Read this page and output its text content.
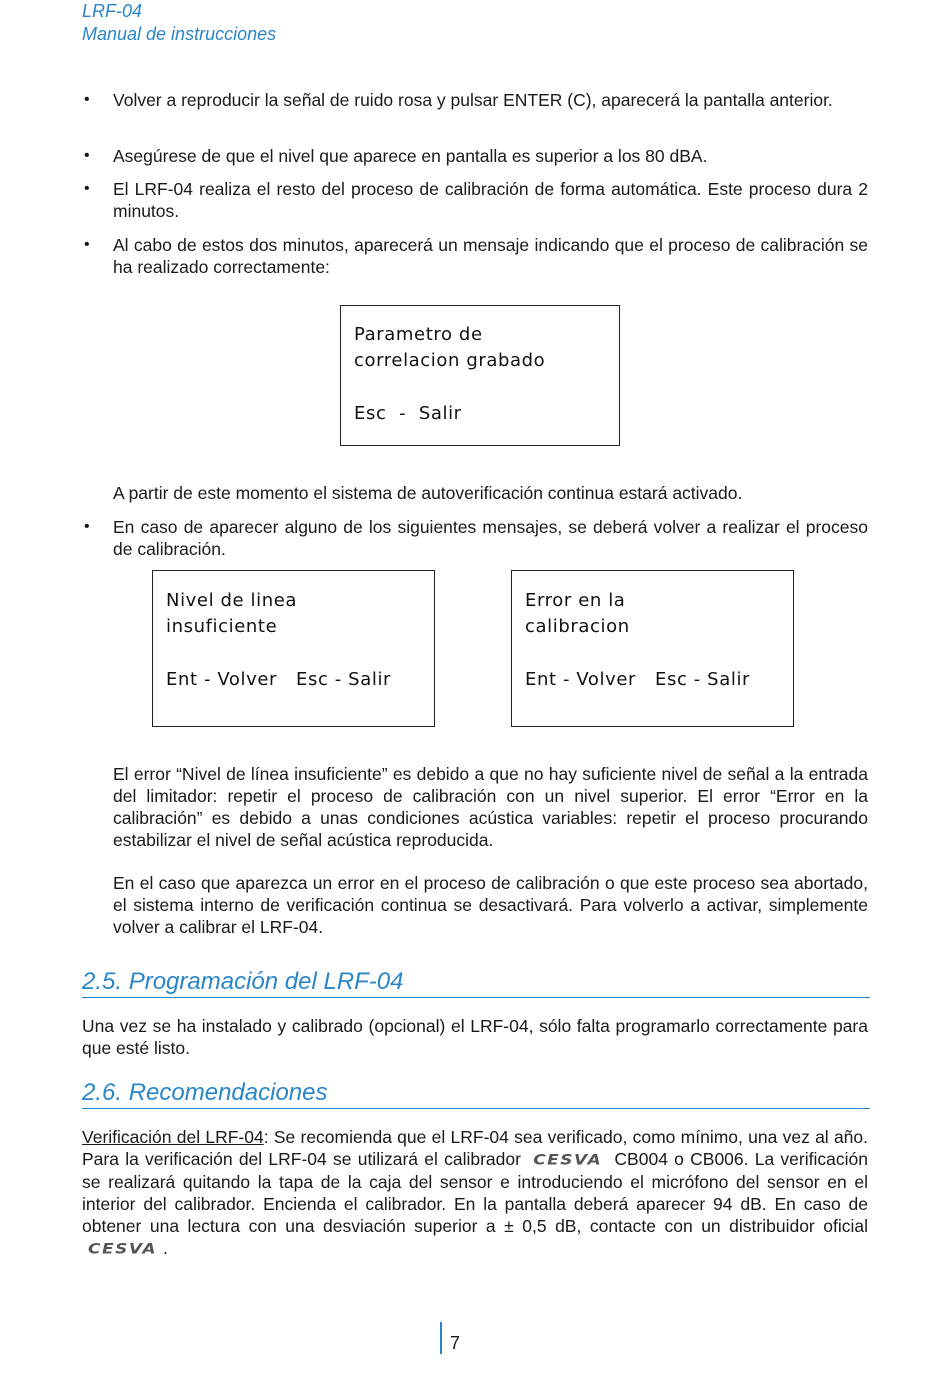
LRF-04
Manual de instrucciones
• Volver a reproducir la señal de ruido rosa y pulsar ENTER (C), aparecerá la pantalla anterior.

• Asegúrese de que el nivel que aparece en pantalla es superior a los 80 dBA.

• El LRF-04 realiza el resto del proceso de calibración de forma automática. Este proceso dura 2 minutos.

• Al cabo de estos dos minutos, aparecerá un mensaje indicando que el proceso de calibración se ha realizado correctamente:

Parametro de
correlacion grabado
Esc  -  Salir

A partir de este momento el sistema de autoverificación continua estará activado.

• En caso de aparecer alguno de los siguientes mensajes, se deberá volver a realizar el proceso de calibración.

Nivel de linea
insuficiente
Ent - Volver   Esc - Salir
Error en la
calibracion
Ent - Volver   Esc - Salir

El error “Nivel de línea insuficiente” es debido a que no hay suficiente nivel de señal a la entrada del limitador: repetir el proceso de calibración con un nivel superior. El error “Error en la calibración” es debido a unas condiciones acústica variables: repetir el proceso procurando estabilizar el nivel de señal acústica reproducida.

En el caso que aparezca un error en el proceso de calibración o que este proceso sea abortado, el sistema interno de verificación continua se desactivará. Para volverlo a activar, simplemente volver a calibrar el LRF-04.

2.5. Programación del LRF-04

Una vez se ha instalado y calibrado (opcional) el LRF-04, sólo falta programarlo correctamente para que esté listo.

2.6. Recomendaciones

Verificación del LRF-04: Se recomienda que el LRF-04 sea verificado, como mínimo, una vez al año. Para la verificación del LRF-04 se utilizará el calibrador CESVA CB004 o CB006. La verificación se realizará quitando la tapa de la caja del sensor e introduciendo el micrófono del sensor en el interior del calibrador. Encienda el calibrador. En la pantalla deberá aparecer 94 dB. En caso de obtener una lectura con una desviación superior a ± 0,5 dB, contacte con un distribuidor oficial CESVA .

7
